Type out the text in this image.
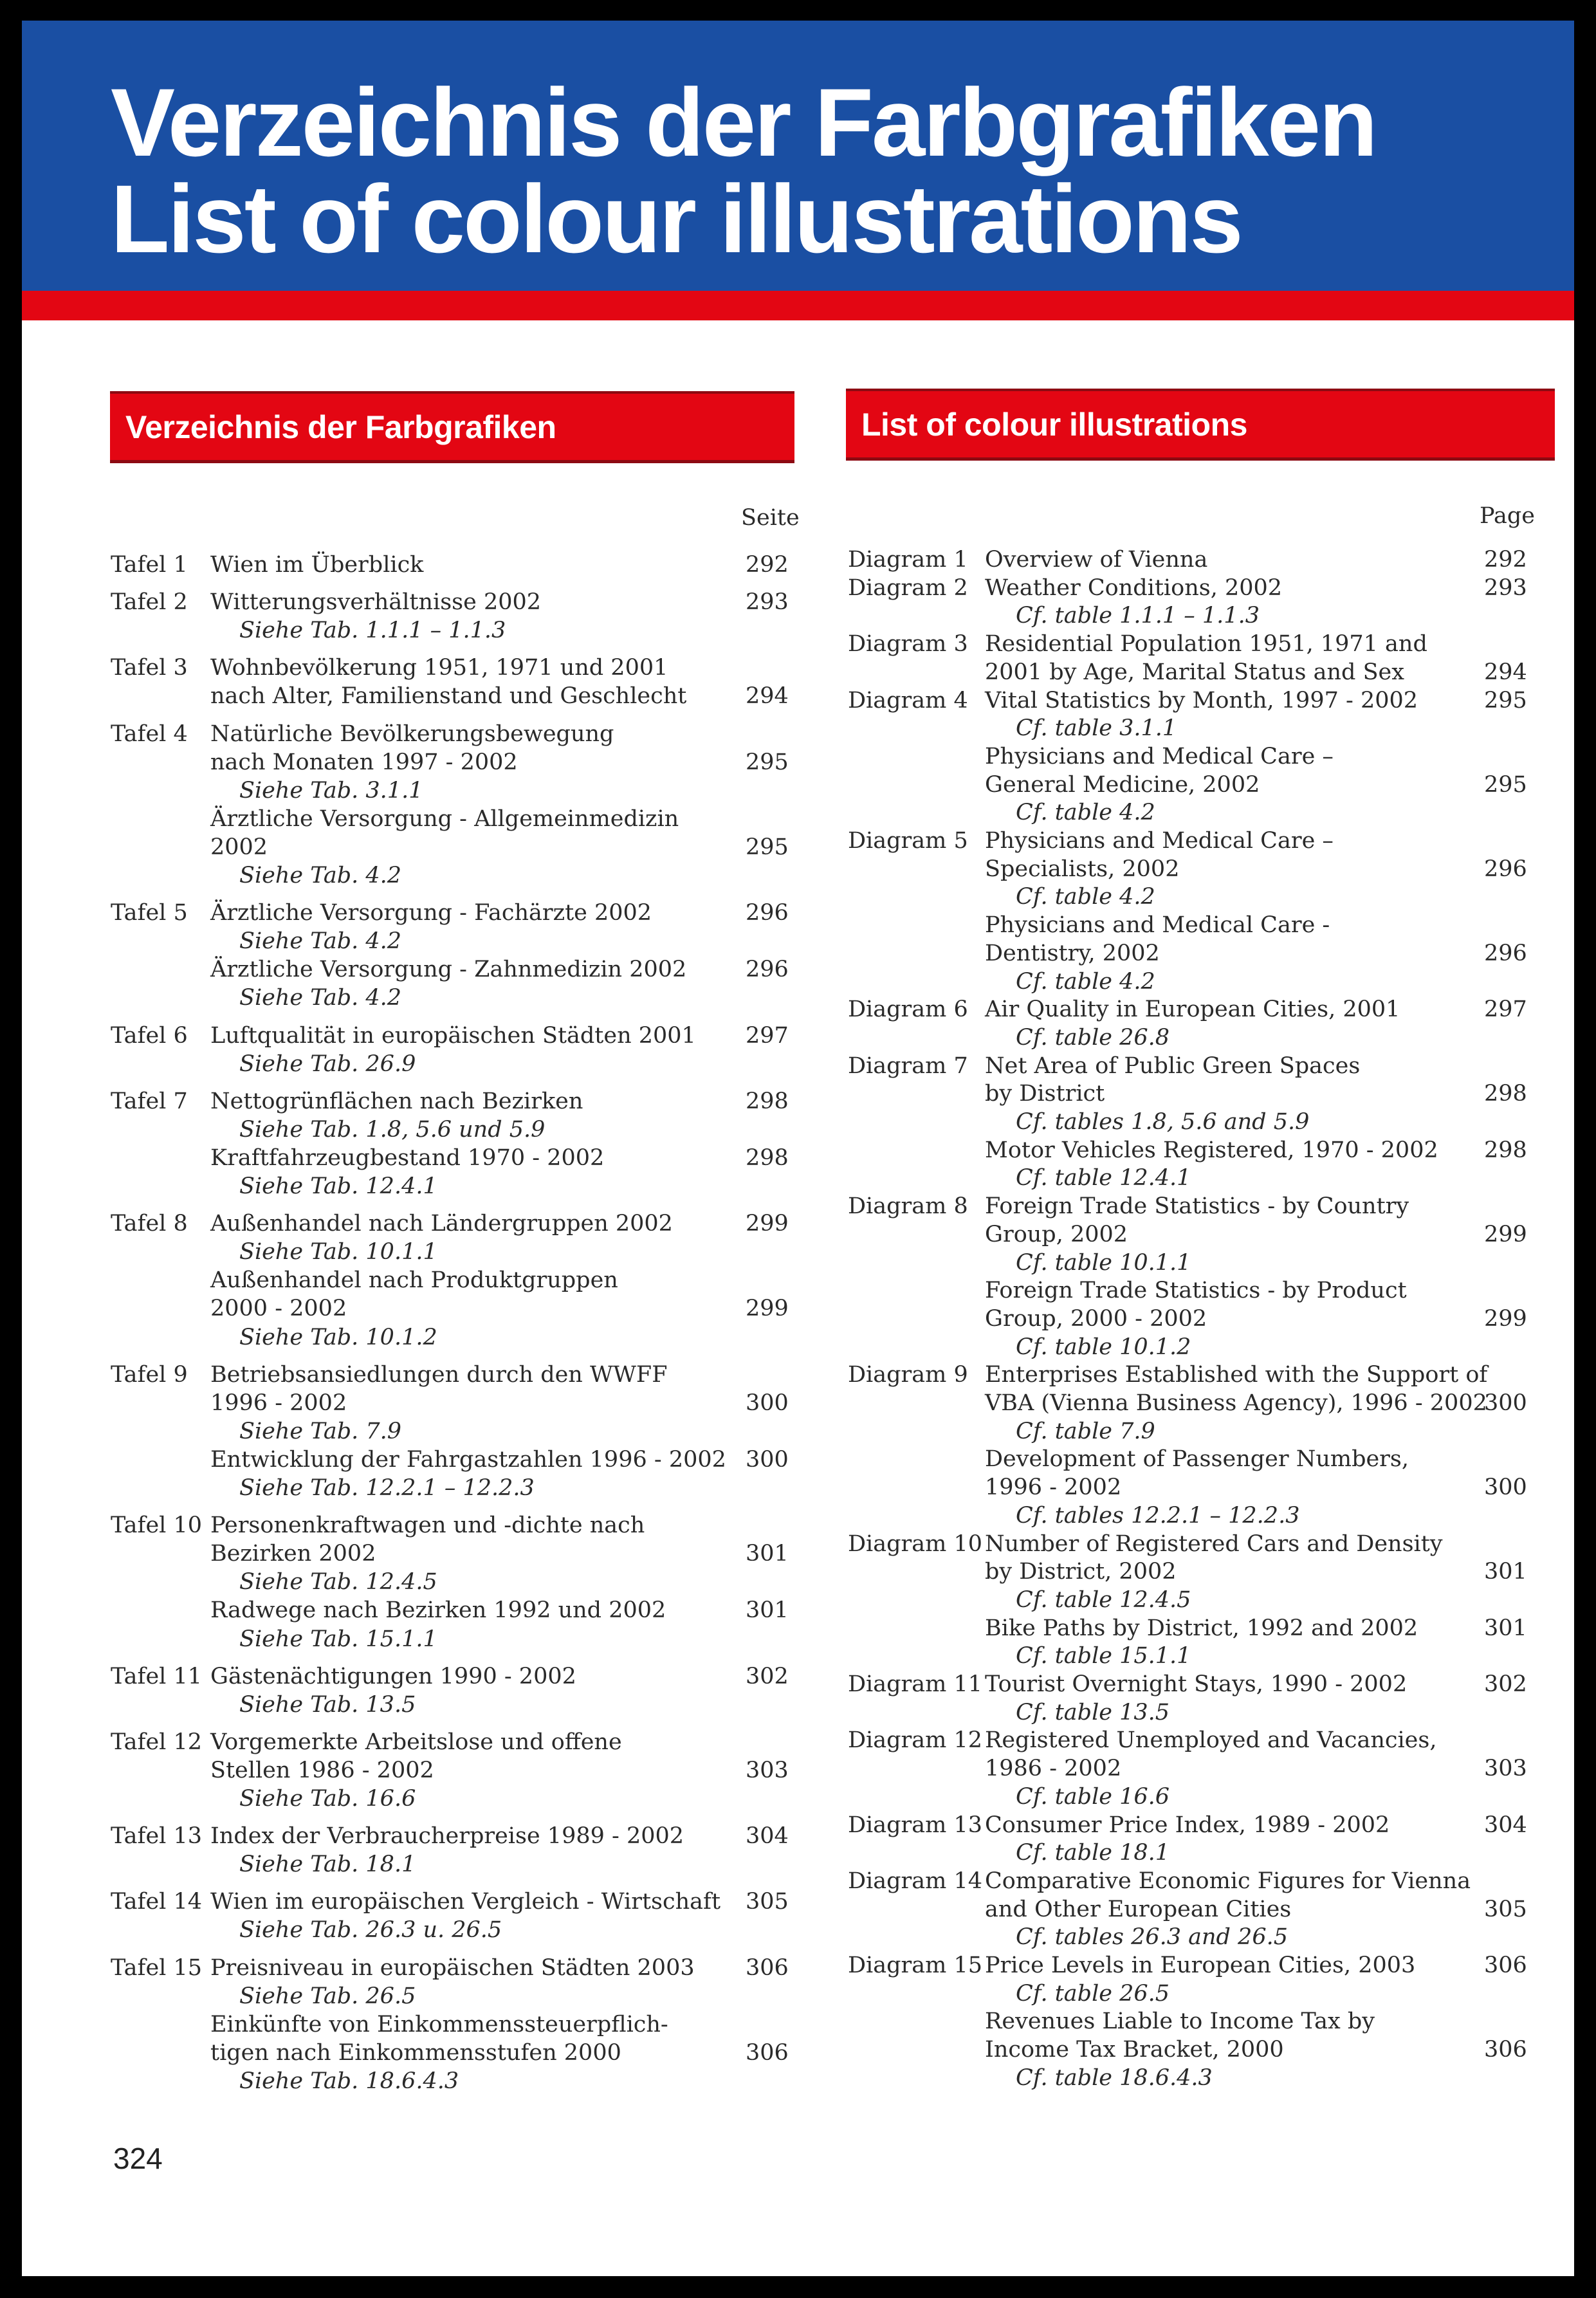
Verzeichnis der Farbgrafiken
List of colour illustrations
Verzeichnis der Farbgrafiken	List of colour illustrations
Seite
Tafel 1 Wien im Überblick	292
Tafel 2 Witterungsverhältnisse 2002	293
Siehe Tab. 1.1.1 – 1.1.3
Tafel 3 Wohnbevölkerung 1951, 1971 und 2001
nach Alter, Familienstand und Geschlecht	294
Tafel 4 Natürliche Bevölkerungsbewegung
nach Monaten 1997 - 2002	295
Siehe Tab. 3.1.1
Ärztliche Versorgung - Allgemeinmedizin
2002	295
Siehe Tab. 4.2
Tafel 5 Ärztliche Versorgung - Fachärzte 2002	296
Siehe Tab. 4.2
Ärztliche Versorgung - Zahnmedizin 2002	296
Siehe Tab. 4.2
Tafel 6 Luftqualität in europäischen Städten 2001 297
Siehe Tab. 26.9
Tafel 7 Nettogrünflächen nach Bezirken	298
Siehe Tab. 1.8, 5.6 und 5.9
Kraftfahrzeugbestand 1970 - 2002	298
Siehe Tab. 12.4.1
Tafel 8 Außenhandel nach Ländergruppen 2002	299
Siehe Tab. 10.1.1
Außenhandel nach Produktgruppen
2000 - 2002	299
Siehe Tab. 10.1.2
Tafel 9 Betriebsansiedlungen durch den WWFF
1996 - 2002	300
Siehe Tab. 7.9
Entwicklung der Fahrgastzahlen 1996 - 2002 300
Siehe Tab. 12.2.1 – 12.2.3
Tafel 10 Personenkraftwagen und -dichte nach
Bezirken 2002	301
Siehe Tab. 12.4.5
Radwege nach Bezirken 1992 und 2002	301
Siehe Tab. 15.1.1
Tafel 11 Gästenächtigungen 1990 - 2002	302
Siehe Tab. 13.5
Tafel 12 Vorgemerkte Arbeitslose und offene
Stellen 1986 - 2002	303
Siehe Tab. 16.6
Tafel 13 Index der Verbraucherpreise 1989 - 2002	304
Siehe Tab. 18.1
Tafel 14 Wien im europäischen Vergleich - Wirtschaft 305
Siehe Tab. 26.3 u. 26.5
Tafel 15 Preisniveau in europäischen Städten 2003 306
Siehe Tab. 26.5
Einkünfte von Einkommenssteuerpflich-
tigen nach Einkommensstufen 2000	306
Siehe Tab. 18.6.4.3
Page
Diagram 1 Overview of Vienna	292
Diagram 2 Weather Conditions, 2002	293
Cf. table 1.1.1 – 1.1.3
Diagram 3 Residential Population 1951, 1971 and
2001 by Age, Marital Status and Sex	294
Diagram 4 Vital Statistics by Month, 1997 - 2002	295
Cf. table 3.1.1
Physicians and Medical Care –
General Medicine, 2002	295
Cf. table 4.2
Diagram 5 Physicians and Medical Care –
Specialists, 2002	296
Cf. table 4.2
Physicians and Medical Care -
Dentistry, 2002	296
Cf. table 4.2
Diagram 6 Air Quality in European Cities, 2001	297
Cf. table 26.8
Diagram 7 Net Area of Public Green Spaces
by District	298
Cf. tables 1.8, 5.6 and 5.9
Motor Vehicles Registered, 1970 - 2002 298
Cf. table 12.4.1
Diagram 8 Foreign Trade Statistics - by Country
Group, 2002	299
Cf. table 10.1.1
Foreign Trade Statistics - by Product
Group, 2000 - 2002	299
Cf. table 10.1.2
Diagram 9 Enterprises Established with the Support of
VBA (Vienna Business Agency), 1996 - 2002
300
Cf. table 7.9
Development of Passenger Numbers,
1996 - 2002	300
Cf. tables 12.2.1 – 12.2.3
Diagram 10 Number of Registered Cars and Density
by District, 2002	301
Cf. table 12.4.5
Bike Paths by District, 1992 and 2002	301
Cf. table 15.1.1
Diagram 11 Tourist Overnight Stays, 1990 - 2002	302
Cf. table 13.5
Diagram 12 Registered Unemployed and Vacancies,
1986 - 2002	303
Cf. table 16.6
Diagram 13 Consumer Price Index, 1989 - 2002	304
Cf. table 18.1
Diagram 14 Comparative Economic Figures for Vienna
and Other European Cities	305
Cf. tables 26.3 and 26.5
Diagram 15 Price Levels in European Cities, 2003	306
Cf. table 26.5
Revenues Liable to Income Tax by
Income Tax Bracket, 2000	306
Cf. table 18.6.4.3
324
